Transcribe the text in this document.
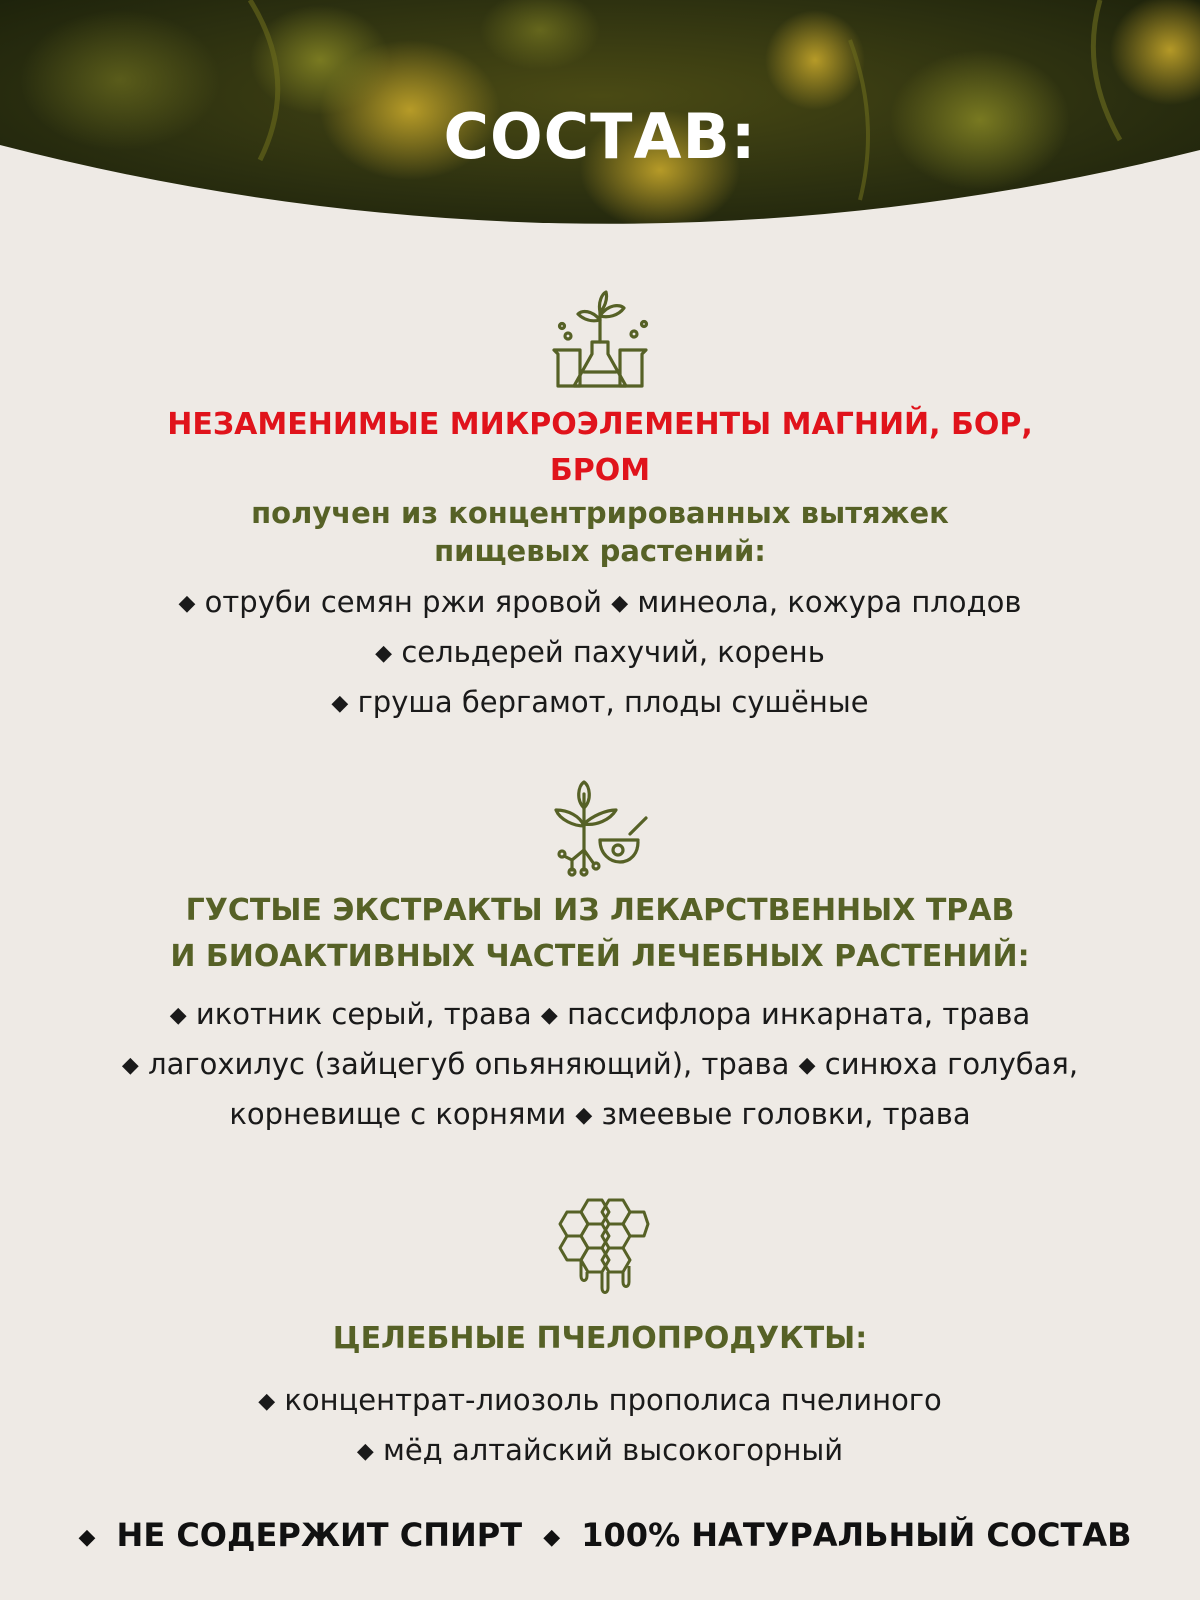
СОСТАВ:

НЕЗАМЕНИМЫЕ МИКРОЭЛЕМЕНТЫ МАГНИЙ, БОР,

БРОМ

получен из концентрированных вытяжек

пищевых растений:

◆ отруби семян ржи яровой ◆ минеола, кожура плодов

◆ сельдерей пахучий, корень

◆ груша бергамот, плоды сушёные

ГУСТЫЕ ЭКСТРАКТЫ ИЗ ЛЕКАРСТВЕННЫХ ТРАВ

И БИОАКТИВНЫХ ЧАСТЕЙ ЛЕЧЕБНЫХ РАСТЕНИЙ:

◆ икотник серый, трава ◆ пассифлора инкарната, трава

◆ лагохилус (зайцегуб опьяняющий), трава ◆ синюха голубая, корневище с корнями ◆ змеевые головки, трава

ЦЕЛЕБНЫЕ ПЧЕЛОПРОДУКТЫ:

◆ концентрат-лиозоль прополиса пчелиного

◆ мёд алтайский высокогорный

◆ НЕ СОДЕРЖИТ СПИРТ ◆ 100% НАТУРАЛЬНЫЙ СОСТАВ
